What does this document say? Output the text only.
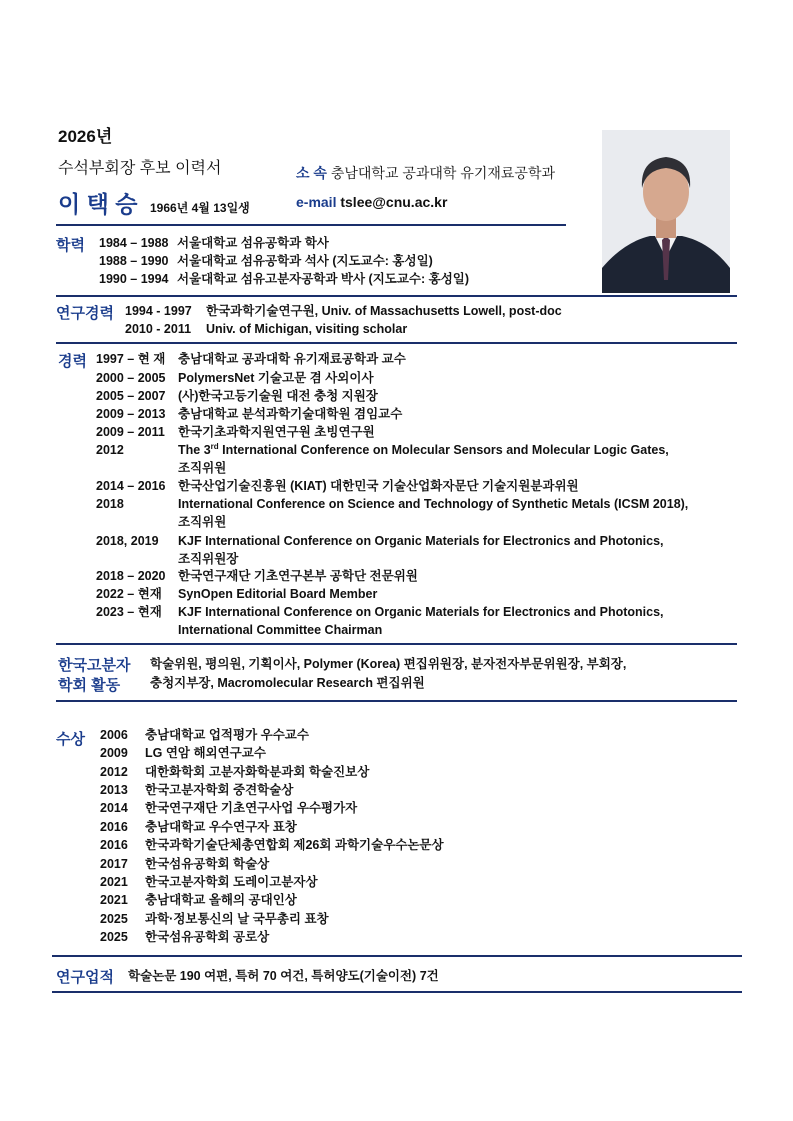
2026년
수석부회장 후보 이력서
이 택 승 1966년 4월 13일생
소 속 충남대학교 공과대학 유기재료공학과
e-mail tslee@cnu.ac.kr
학력 1984 – 1988 서울대학교 섬유공학과 학사
1988 – 1990 서울대학교 섬유공학과 석사 (지도교수: 홍성일)
1990 – 1994 서울대학교 섬유고분자공학과 박사 (지도교수: 홍성일)
연구경력 1994 - 1997 한국과학기술연구원, Univ. of Massachusetts Lowell, post-doc
2010 - 2011 Univ. of Michigan, visiting scholar
경력 1997 – 현 재 충남대학교 공과대학 유기재료공학과 교수
2000 – 2005 PolymersNet 기술고문 겸 사외이사
2005 – 2007 (사)한국고등기술원 대전 충청 지원장
2009 – 2013 충남대학교 분석과학기술대학원 겸임교수
2009 – 2011 한국기초과학지원연구원 초빙연구원
2012	The 3rd International Conference on Molecular Sensors and Molecular Logic Gates,
조직위원
2014 – 2016 한국산업기술진흥원 (KIAT) 대한민국 기술산업화자문단 기술지원분과위원
2018	International Conference on Science and Technology of Synthetic Metals (ICSM 2018),
조직위원
2018, 2019 KJF International Conference on Organic Materials for Electronics and Photonics,
조직위원장
2018 – 2020 한국연구재단 기초연구본부 공학단 전문위원
2022 – 현재 SynOpen Editorial Board Member
2023 – 현재 KJF International Conference on Organic Materials for Electronics and Photonics,
International Committee Chairman
한국고분자
학회 활동
학술위원, 평의원, 기획이사, Polymer (Korea) 편집위원장, 분자전자부문위원장, 부회장,
충청지부장, Macromolecular Research 편집위원
수상 2006 충남대학교 업적평가 우수교수
2009 LG 연암 해외연구교수
2012 대한화학회 고분자화학분과회 학술진보상
2013 한국고분자학회 중견학술상
2014 한국연구재단 기초연구사업 우수평가자
2016 충남대학교 우수연구자 표창
2016 한국과학기술단체총연합회 제26회 과학기술우수논문상
2017 한국섬유공학회 학술상
2021 한국고분자학회 도레이고분자상
2021 충남대학교 올해의 공대인상
2025 과학·정보통신의 날 국무총리 표창
2025 한국섬유공학회 공로상
연구업적 학술논문 190 여편, 특허 70 여건, 특허양도(기술이전) 7건
